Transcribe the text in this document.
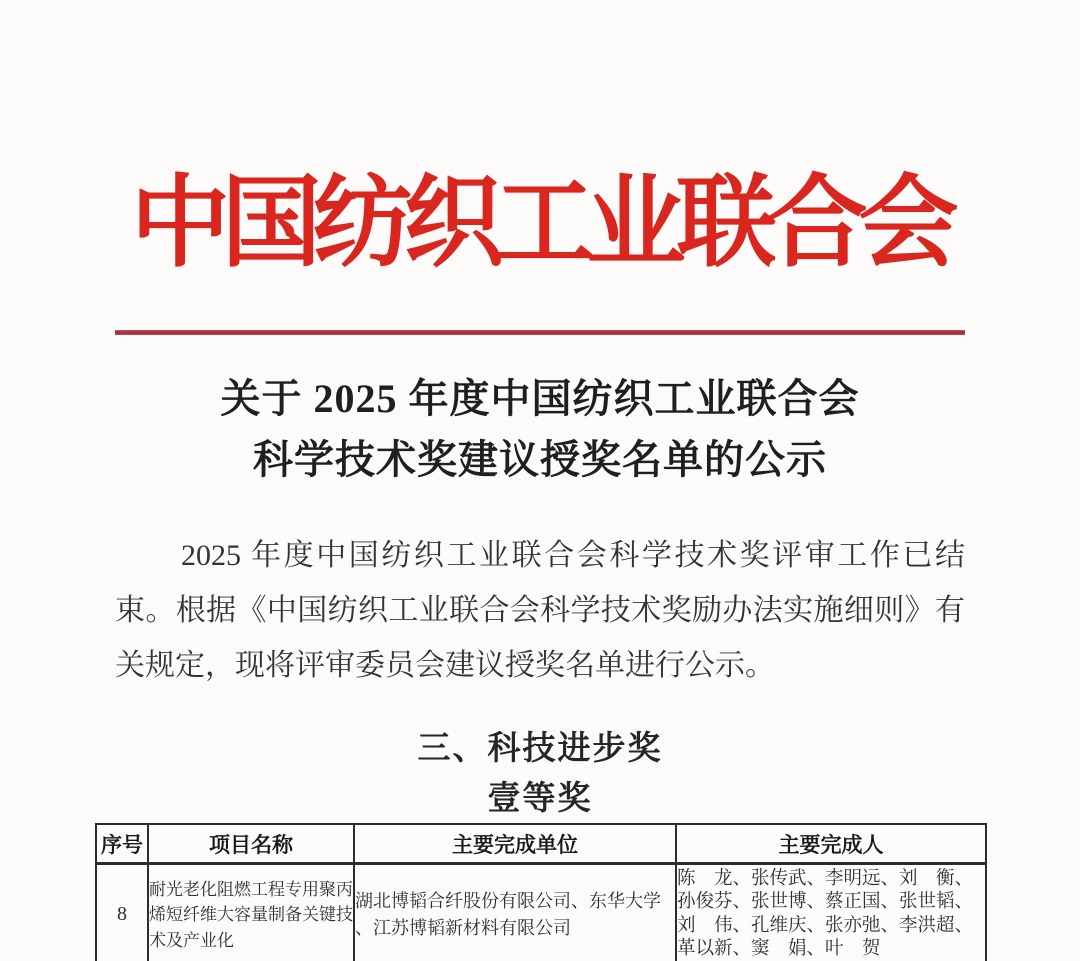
中国纺织工业联合会
关于 2025 年度中国纺织工业联合会
科学技术奖建议授奖名单的公示
2025 年度中国纺织工业联合会科学技术奖评审工作已结束。根据《中国纺织工业联合会科学技术奖励办法实施细则》有关规定，现将评审委员会建议授奖名单进行公示。
三、科技进步奖
壹等奖
序号	项目名称	主要完成单位	主要完成人
8	耐光老化阻燃工程专用聚丙烯短纤维大容量制备关键技术及产业化	湖北博韬合纤股份有限公司、东华大学、江苏博韬新材料有限公司	陈　龙、张传武、李明远、刘　衡、孙俊芬、张世博、蔡正国、张世韬、刘　伟、孔维庆、张亦弛、李洪超、革以新、窦　娟、叶　贺
